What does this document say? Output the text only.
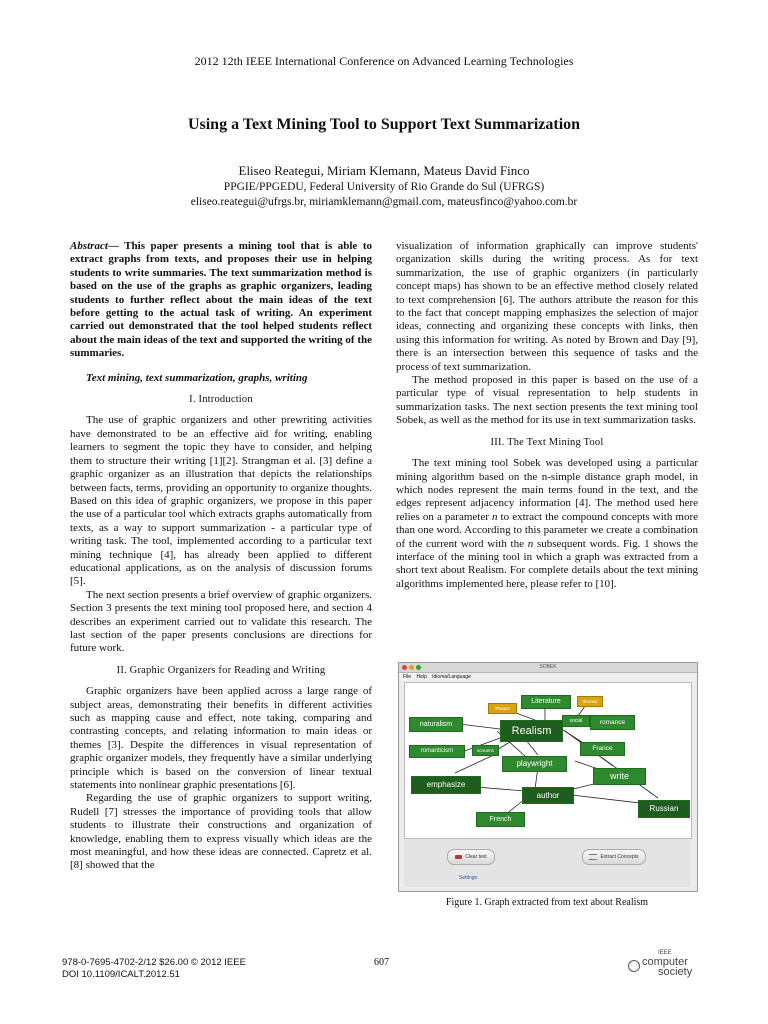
2012 12th IEEE International Conference on Advanced Learning Technologies
Using a Text Mining Tool to Support Text Summarization
Eliseo Reategui, Miriam Klemann, Mateus David Finco
PPGIE/PPGEDU, Federal University of Rio Grande do Sul (UFRGS)
eliseo.reategui@ufrgs.br, miriamklemann@gmail.com, mateusfinco@yahoo.com.br

Abstract— This paper presents a mining tool that is able to extract graphs from texts, and proposes their use in helping students to write summaries. The text summarization method is based on the use of the graphs as graphic organizers, leading students to further reflect about the main ideas of the text before getting to the actual task of writing. An experiment carried out demonstrated that the tool helped students reflect about the main ideas of the text and supported the writing of the summaries.

Text mining, text summarization, graphs, writing

I. Introduction

The use of graphic organizers and other prewriting activities have demonstrated to be an effective aid for writing, enabling learners to segment the topic they have to consider, and helping them to structure their writing [1][2]. Strangman et al. [3] define a graphic organizer as an illustration that depicts the relationships between facts, terms, providing an opportunity to organize thoughts. Based on this idea of graphic organizers, we propose in this paper the use of a particular tool which extracts graphs automatically from texts, as a way to support summarization - a particular type of writing task. The tool, implemented according to a particular text mining technique [4], has already been applied to different educational applications, as on the analysis of discussion forums [5].

The next section presents a brief overview of graphic organizers. Section 3 presents the text mining tool proposed here, and section 4 describes an experiment carried out to validate this research. The last section of the paper presents conclusions are directions for future work.

II. Graphic Organizers for Reading and Writing

Graphic organizers have been applied across a large range of subject areas, demonstrating their benefits in different activities such as mapping cause and effect, note taking, comparing and contrasting concepts, and relating information to main ideas or themes [3]. Despite the differences in visual representation of graphic organizer models, they frequently have a similar underlying principle which is based on the conversion of linear textual statements into nonlinear graphic presentations [6].

Regarding the use of graphic organizers to support writing, Rudell [7] stresses the importance of providing tools that allow students to illustrate their constructions and organization of knowledge, enabling them to express visually which ideas are the most meaningful, and how these ideas are connected. Capretz et al. [8] showed that the

visualization of information graphically can improve students' organization skills during the writing process. As for text summarization, the use of graphic organizers (in particularly concept maps) has shown to be an effective method closely related to text comprehension [6]. The authors attribute the reason for this to the fact that concept mapping emphasizes the selection of major ideas, connecting and organizing these concepts with links, then using this information for writing. As noted by Brown and Day [9], there is an intersection between this sequence of tasks and the process of text summarization.

The method proposed in this paper is based on the use of a particular type of visual representation to help students in summarization tasks. The next section presents the text mining tool Sobek, as well as the method for its use in text summarization tasks.

III. The Text Mining Tool

The text mining tool Sobek was developed using a particular mining algorithm based on the n-simple distance graph model, in which nodes represent the main terms found in the text, and the edges represent adjacency information [4]. The method used here relies on a parameter n to extract the compound concepts with more than one word. According to this parameter we create a combination of the current word with the n subsequent words. Fig. 1 shows the interface of the mining tool in which a graph was extracted from a short text about Realism. For complete details about the text mining algorithms implemented here, please refer to [10].

SOBEK
File Help Idioma/Language
Theater
Literature	themes
naturalism
Realism
social	romance
romanticism	screams	France
playwright
write
emphasize
author
Russian
French
Clear text	Extract Concepts
Settings
Figure 1. Graph extracted from text about Realism
978-0-7695-4702-2/12 $26.00 © 2012 IEEE
DOI 10.1109/ICALT.2012.51
607
IEEE
computer
society
